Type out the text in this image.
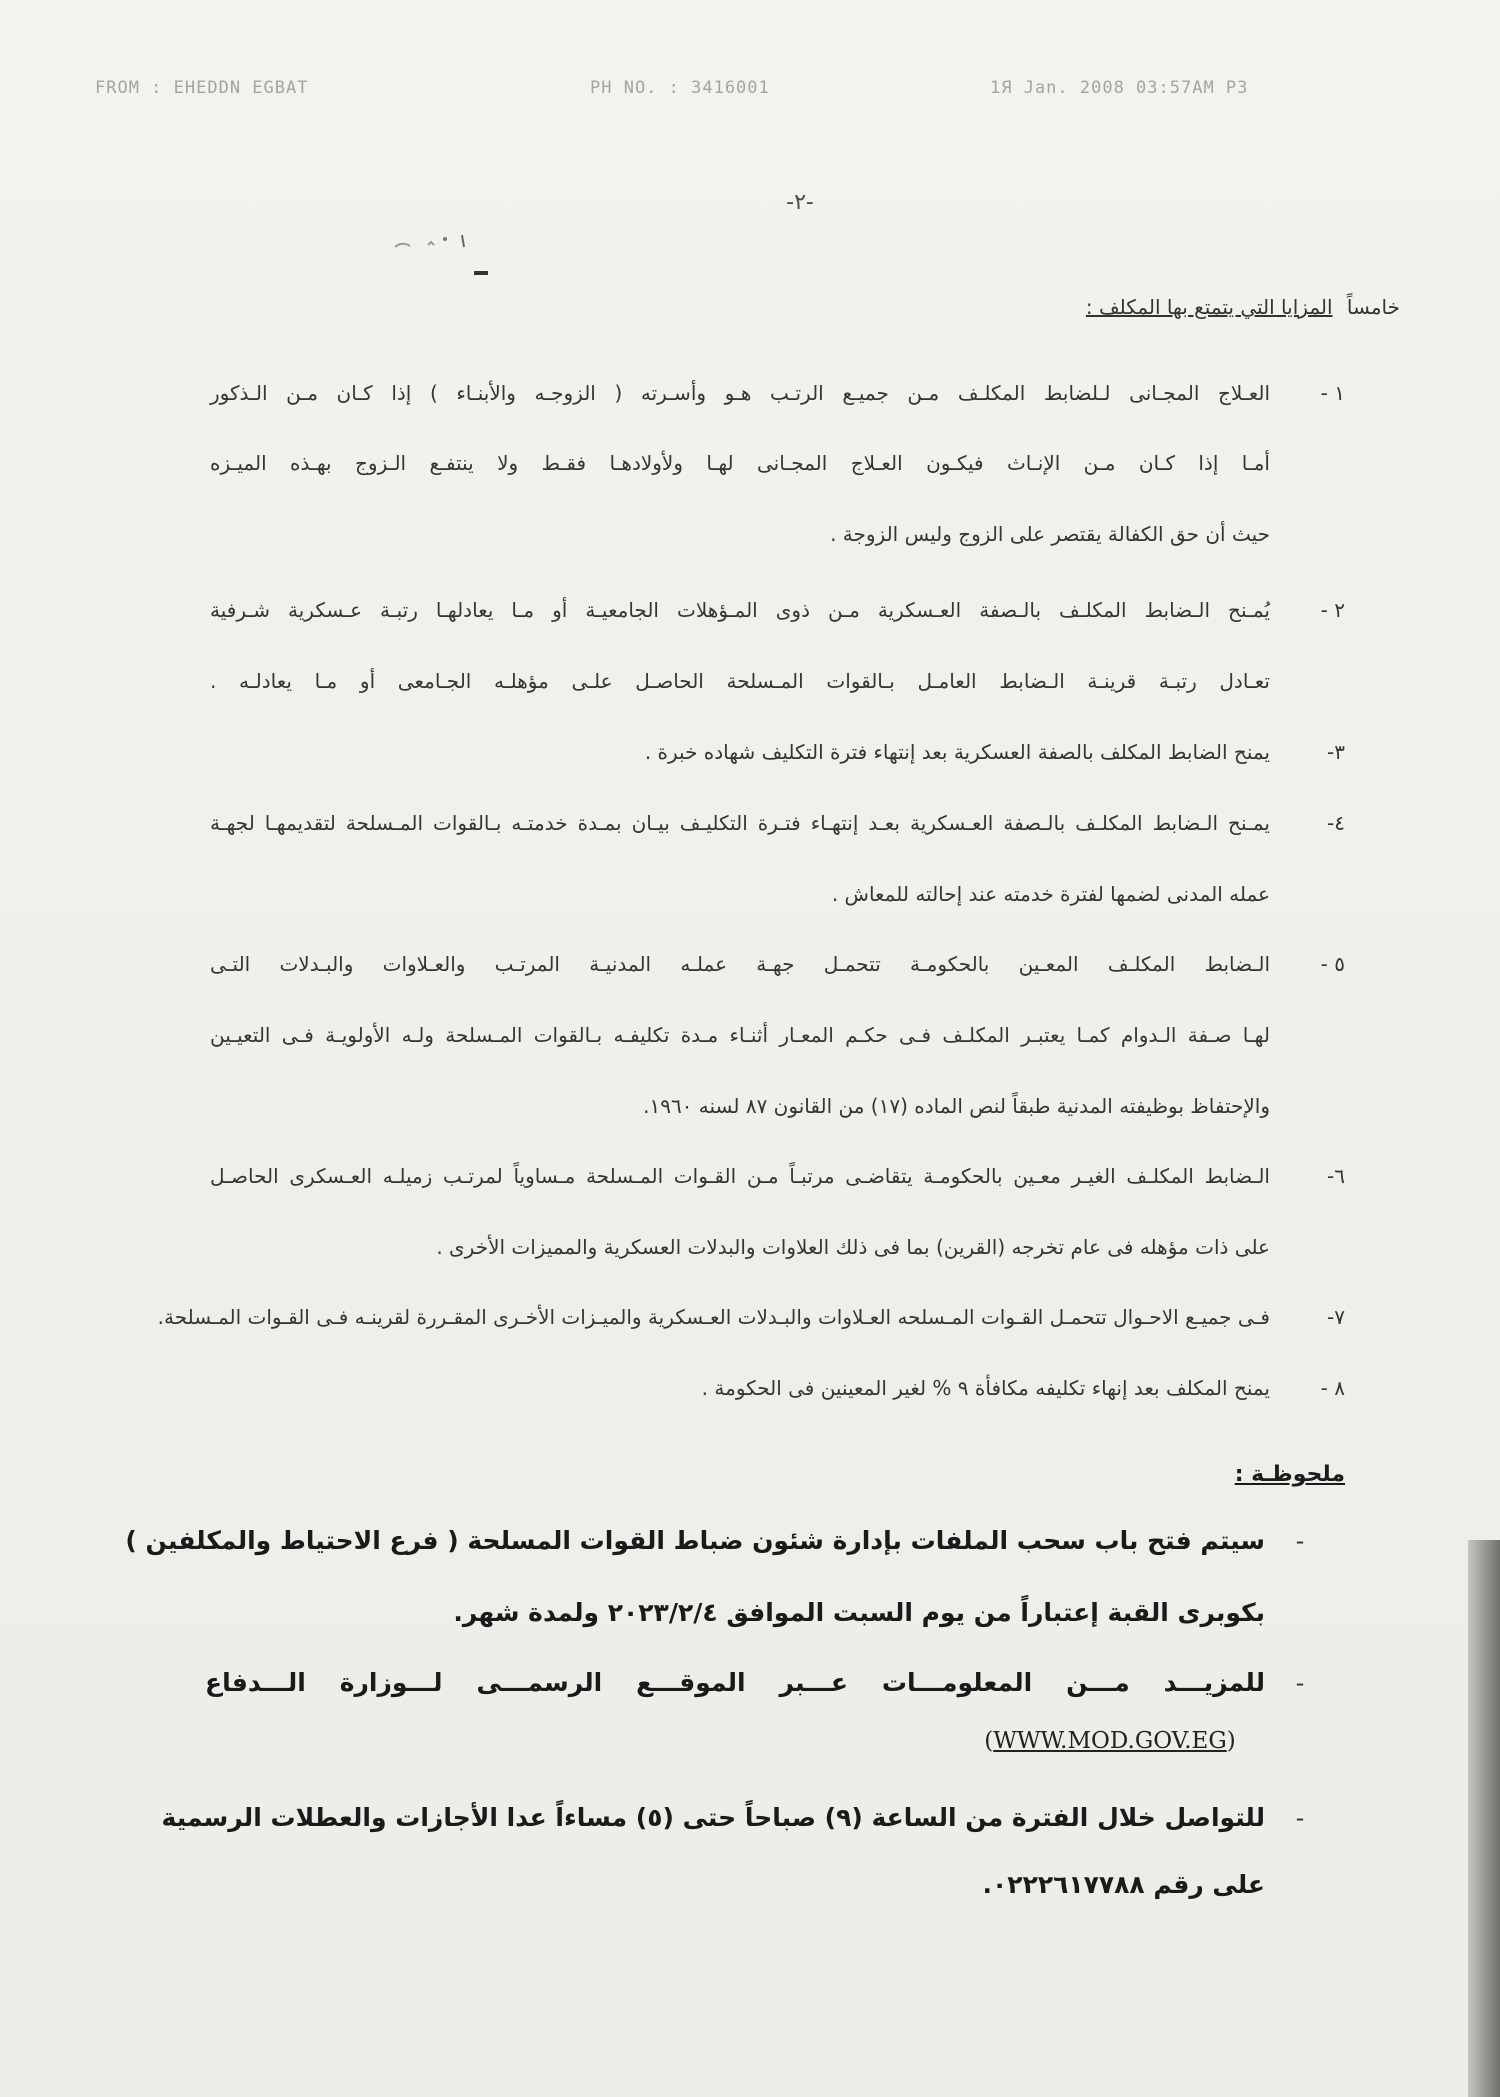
FROM : EHEDDN EGBAT	PH NO. : 3416001	1Я Jan. 2008 03:57AM P3
-٢-
خامساً المزايا التي يتمتع بها المكلف :
١ -
العـلاج المجـانى لـلضابط المكلـف مـن جميـع الرتـب هـو وأسـرته ( الزوجـه والأبنـاء ) إذا كـان مـن الـذكور
أمـا إذا كـان مـن الإنـاث فيكـون العـلاج المجـانى لهـا ولأولادهـا فقـط ولا ينتفـع الـزوج بهـذه الميـزه
حيث أن حق الكفالة يقتصر على الزوج وليس الزوجة .
٢ -
يُمـنح الـضابط المكلـف بالـصفة العـسكرية مـن ذوى المـؤهلات الجامعيـة أو مـا يعادلهـا رتبـة عـسكرية شـرفية
تعـادل رتبـة قرينـة الـضابط العامـل بـالقوات المـسلحة الحاصـل علـى مؤهلـه الجـامعى أو مـا يعادلـه .
٣-
يمنح الضابط المكلف بالصفة العسكرية بعد إنتهاء فترة التكليف شهاده خبرة .
٤-
يمـنح الـضابط المكلـف بالـصفة العـسكرية بعـد إنتهـاء فتـرة التكليـف بيـان بمـدة خدمتـه بـالقوات المـسلحة لتقديمهـا لجهـة
عمله المدنى لضمها لفترة خدمته عند إحالته للمعاش .
٥ -
الـضابط المكلـف المعـين بالحكومـة تتحمـل جهـة عملـه المدنيـة المرتـب والعـلاوات والبـدلات التـى
لهـا صـفة الـدوام كمـا يعتبـر المكلـف فـى حكـم المعـار أثنـاء مـدة تكليفـه بـالقوات المـسلحة ولـه الأولويـة فـى التعيـين
والإحتفاظ بوظيفته المدنية طبقاً لنص الماده (١٧) من القانون ٨٧ لسنه ١٩٦٠.
٦-
الـضابط المكلـف الغيـر معـين بالحكومـة يتقاضـى مرتبـاً مـن القـوات المـسلحة مـساوياً لمرتـب زميلـه العـسكرى الحاصـل
على ذات مؤهله فى عام تخرجه (القرين) بما فى ذلك العلاوات والبدلات العسكرية والمميزات الأخرى .
٧-
فـى جميـع الاحـوال تتحمـل القـوات المـسلحه العـلاوات والبـدلات العـسكرية والميـزات الأخـرى المقـررة لقرينـه فـى القـوات المـسلحة.
٨ -
يمنح المكلف بعد إنهاء تكليفه مكافأة ٩ % لغير المعينين فى الحكومة .
ملحوظـة :
-
سيتم فتح باب سحب الملفات بإدارة شئون ضباط القوات المسلحة ( فرع الاحتياط والمكلفين )
بكوبرى القبة إعتباراً من يوم السبت الموافق ٢٠٢٣/٢/٤ ولمدة شهر.
-
للمزيـــد مـــن المعلومـــات عـــبر الموقـــع الرسمـــى لـــوزارة الـــدفاع
(WWW.MOD.GOV.EG)
-
للتواصل خلال الفترة من الساعة (٩) صباحاً حتى (٥) مساءاً عدا الأجازات والعطلات الرسمية
على رقم ٠٢٢٢٦١٧٧٨٨.
